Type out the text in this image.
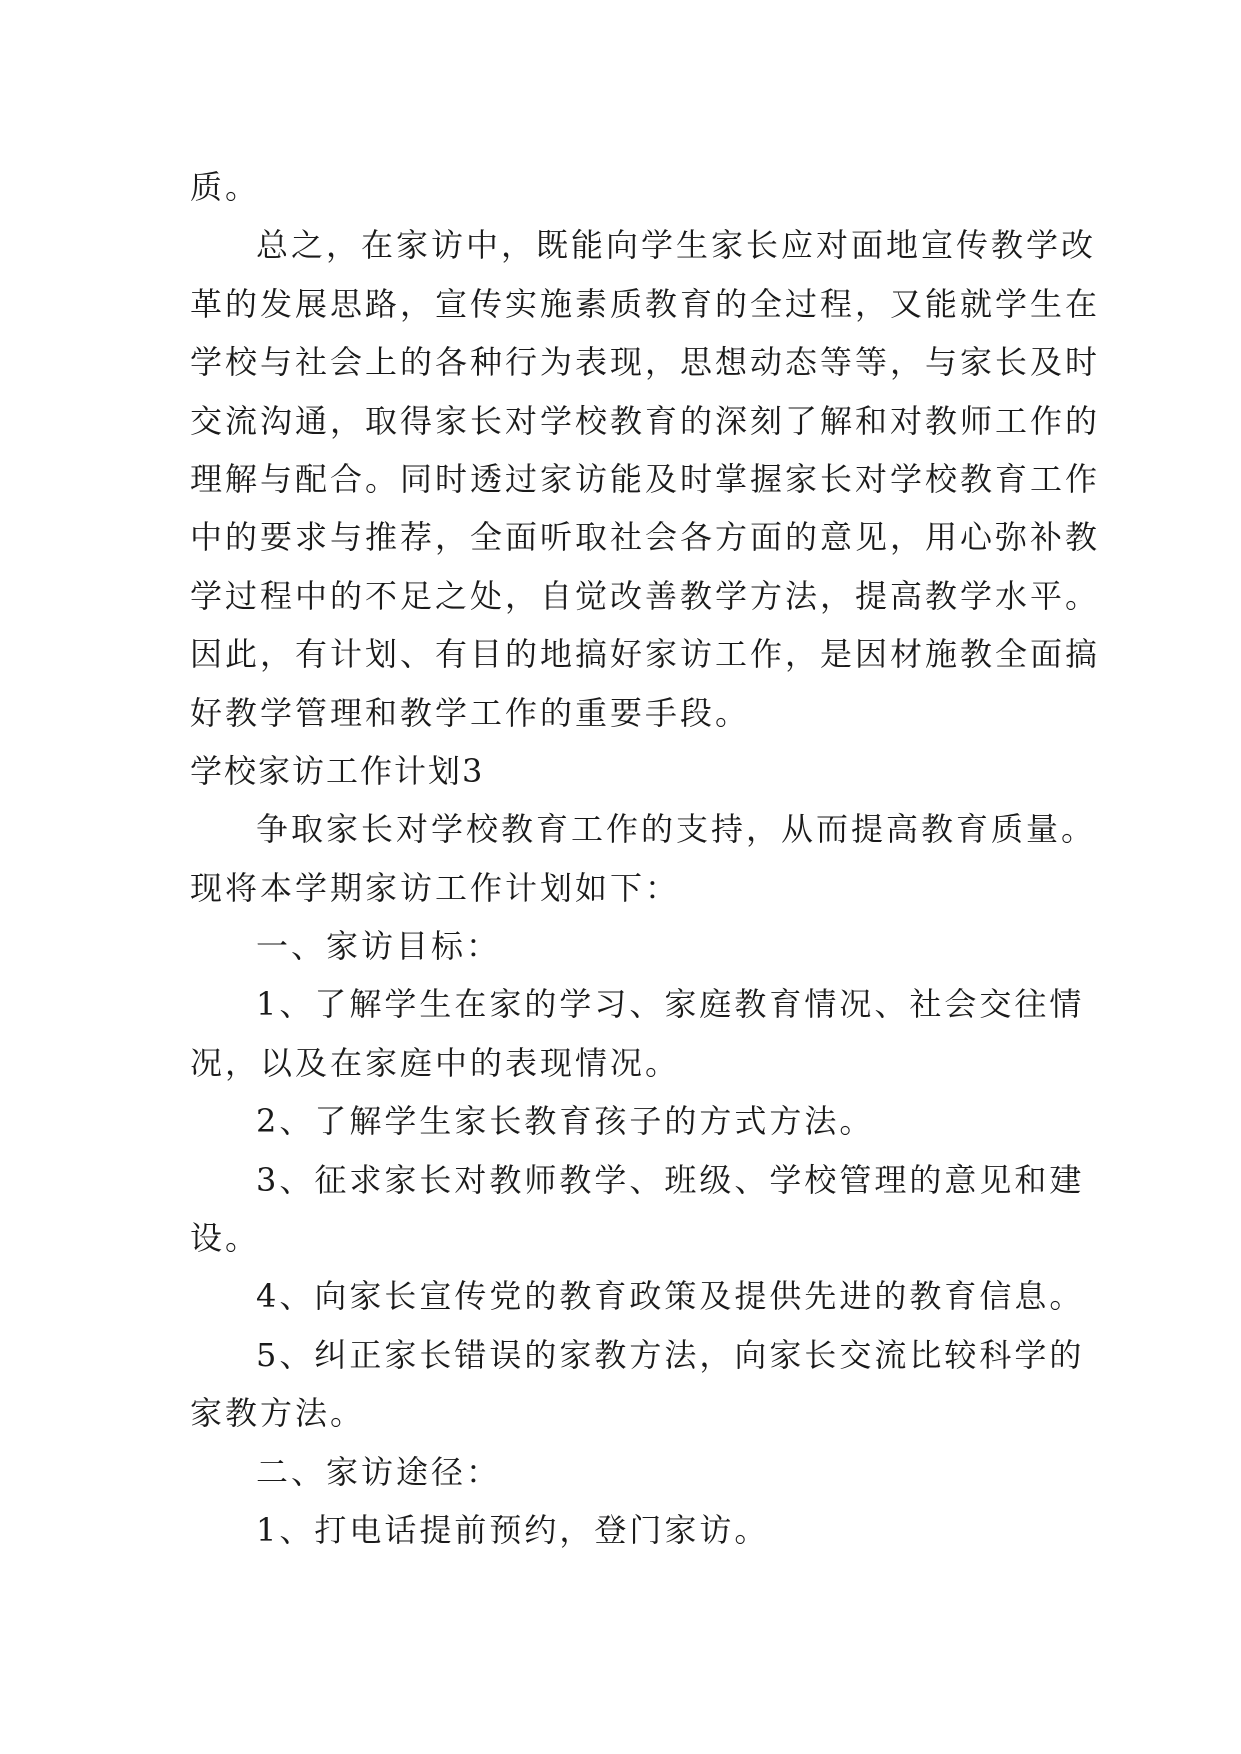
质。
总之，在家访中，既能向学生家长应对面地宣传教学改
革的发展思路，宣传实施素质教育的全过程，又能就学生在
学校与社会上的各种行为表现，思想动态等等，与家长及时
交流沟通，取得家长对学校教育的深刻了解和对教师工作的
理解与配合。同时透过家访能及时掌握家长对学校教育工作
中的要求与推荐，全面听取社会各方面的意见，用心弥补教
学过程中的不足之处，自觉改善教学方法，提高教学水平。
因此，有计划、有目的地搞好家访工作，是因材施教全面搞
好教学管理和教学工作的重要手段。
学校家访工作计划3
争取家长对学校教育工作的支持，从而提高教育质量。
现将本学期家访工作计划如下：
一、家访目标：
1、了解学生在家的学习、家庭教育情况、社会交往情
况，以及在家庭中的表现情况。
2、了解学生家长教育孩子的方式方法。
3、征求家长对教师教学、班级、学校管理的意见和建
设。
4、向家长宣传党的教育政策及提供先进的教育信息。
5、纠正家长错误的家教方法，向家长交流比较科学的
家教方法。
二、家访途径：
1、打电话提前预约，登门家访。
